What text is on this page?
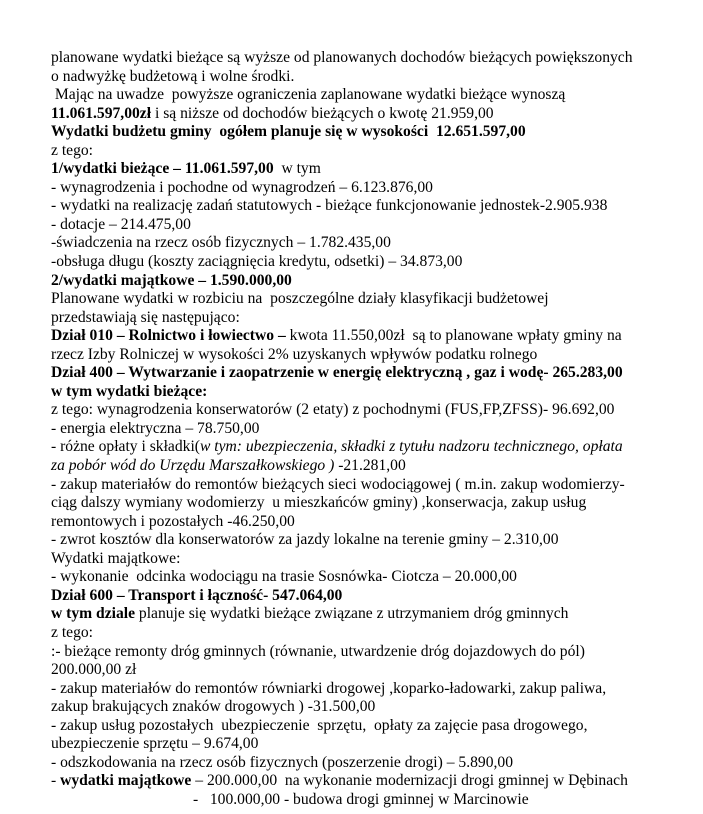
planowane wydatki bieżące są wyższe od planowanych dochodów bieżących powiększonych
o nadwyżkę budżetową i wolne środki.
Mając na uwadze  powyższe ograniczenia zaplanowane wydatki bieżące wynoszą
11.061.597,00zł i są niższe od dochodów bieżących o kwotę 21.959,00
Wydatki budżetu gminy  ogółem planuje się w wysokości  12.651.597,00
z tego:
1/wydatki bieżące – 11.061.597,00  w tym
- wynagrodzenia i pochodne od wynagrodzeń – 6.123.876,00
- wydatki na realizację zadań statutowych - bieżące funkcjonowanie jednostek-2.905.938
- dotacje – 214.475,00
-świadczenia na rzecz osób fizycznych – 1.782.435,00
-obsługa długu (koszty zaciągnięcia kredytu, odsetki) – 34.873,00
2/wydatki majątkowe – 1.590.000,00
Planowane wydatki w rozbiciu na  poszczególne działy klasyfikacji budżetowej
przedstawiają się następująco:
Dział 010 – Rolnictwo i łowiectwo – kwota 11.550,00zł  są to planowane wpłaty gminy na
rzecz Izby Rolniczej w wysokości 2% uzyskanych wpływów podatku rolnego
Dział 400 – Wytwarzanie i zaopatrzenie w energię elektryczną , gaz i wodę- 265.283,00
w tym wydatki bieżące:
z tego: wynagrodzenia konserwatorów (2 etaty) z pochodnymi (FUS,FP,ZFSS)- 96.692,00
- energia elektryczna – 78.750,00
- różne opłaty i składki(w tym: ubezpieczenia, składki z tytułu nadzoru technicznego, opłata
za pobór wód do Urzędu Marszałkowskiego ) -21.281,00
- zakup materiałów do remontów bieżących sieci wodociągowej ( m.in. zakup wodomierzy-
ciąg dalszy wymiany wodomierzy  u mieszkańców gminy) ,konserwacja, zakup usług
remontowych i pozostałych -46.250,00
- zwrot kosztów dla konserwatorów za jazdy lokalne na terenie gminy – 2.310,00
Wydatki majątkowe:
- wykonanie  odcinka wodociągu na trasie Sosnówka- Ciotcza – 20.000,00
Dział 600 – Transport i łączność- 547.064,00
w tym dziale planuje się wydatki bieżące związane z utrzymaniem dróg gminnych
z tego:
:- bieżące remonty dróg gminnych (równanie, utwardzenie dróg dojazdowych do pól)
200.000,00 zł
- zakup materiałów do remontów równiarki drogowej ,koparko-ładowarki, zakup paliwa,
zakup brakujących znaków drogowych ) -31.500,00
- zakup usług pozostałych  ubezpieczenie  sprzętu,  opłaty za zajęcie pasa drogowego,
ubezpieczenie sprzętu – 9.674,00
- odszkodowania na rzecz osób fizycznych (poszerzenie drogi) – 5.890,00
- wydatki majątkowe – 200.000,00  na wykonanie modernizacji drogi gminnej w Dębinach
-   100.000,00 - budowa drogi gminnej w Marcinowie
